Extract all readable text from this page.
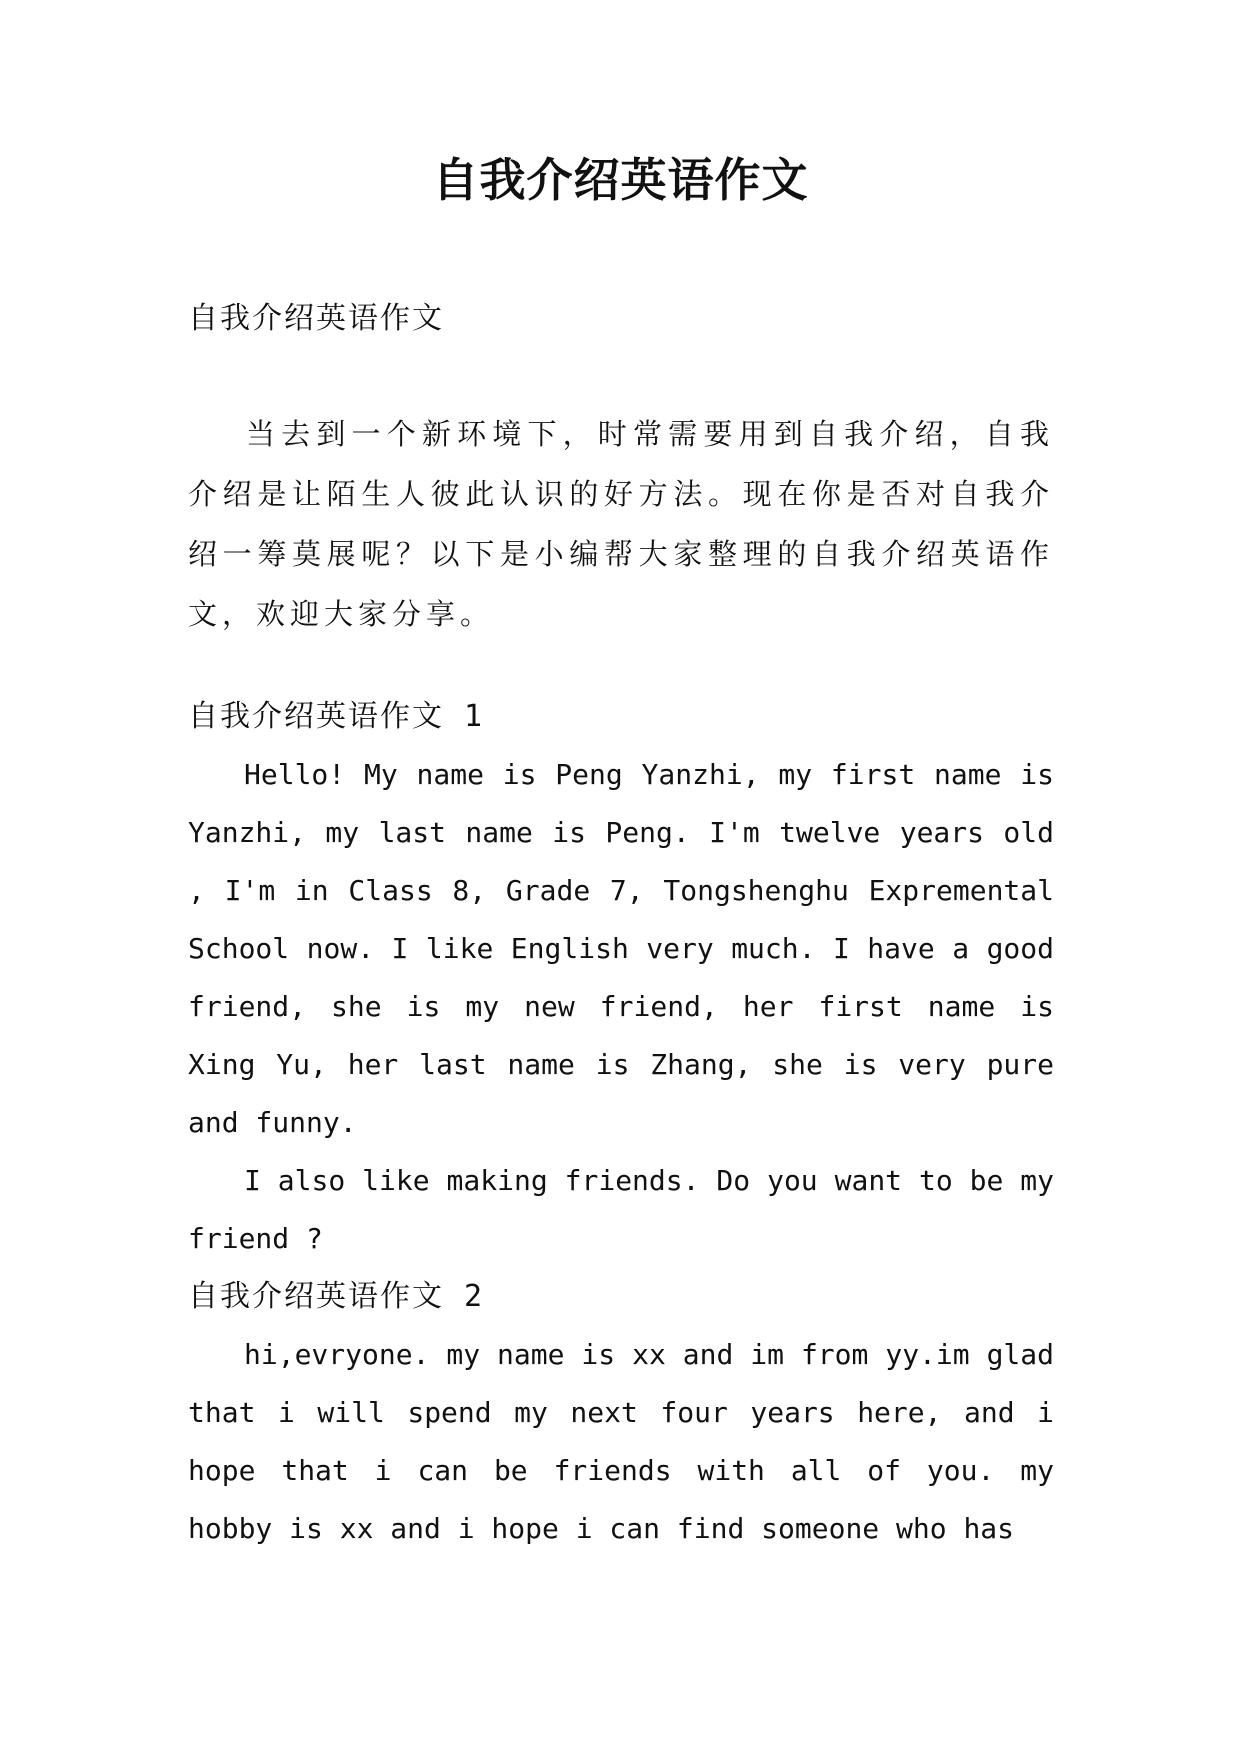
自我介绍英语作文
自我介绍英语作文

当去到一个新环境下，时常需要用到自我介绍，自我介绍是让陌生人彼此认识的好方法。现在你是否对自我介绍一筹莫展呢？以下是小编帮大家整理的自我介绍英语作文，欢迎大家分享。

自我介绍英语作文 1

Hello! My name is Peng Yanzhi, my first name is Yanzhi, my last name is Peng. I'm twelve years old , I'm in Class 8, Grade 7, Tongshenghu Expremental School now. I like English very much. I have a good friend, she is my new friend, her first name is Xing Yu, her last name is Zhang, she is very pure and funny.

I also like making friends. Do you want to be my friend ?

自我介绍英语作文 2

hi,evryone. my name is xx and im from yy.im glad that i will spend my next four years here, and i hope that i can be friends with all of you. my hobby is xx and i hope i can find someone who has
